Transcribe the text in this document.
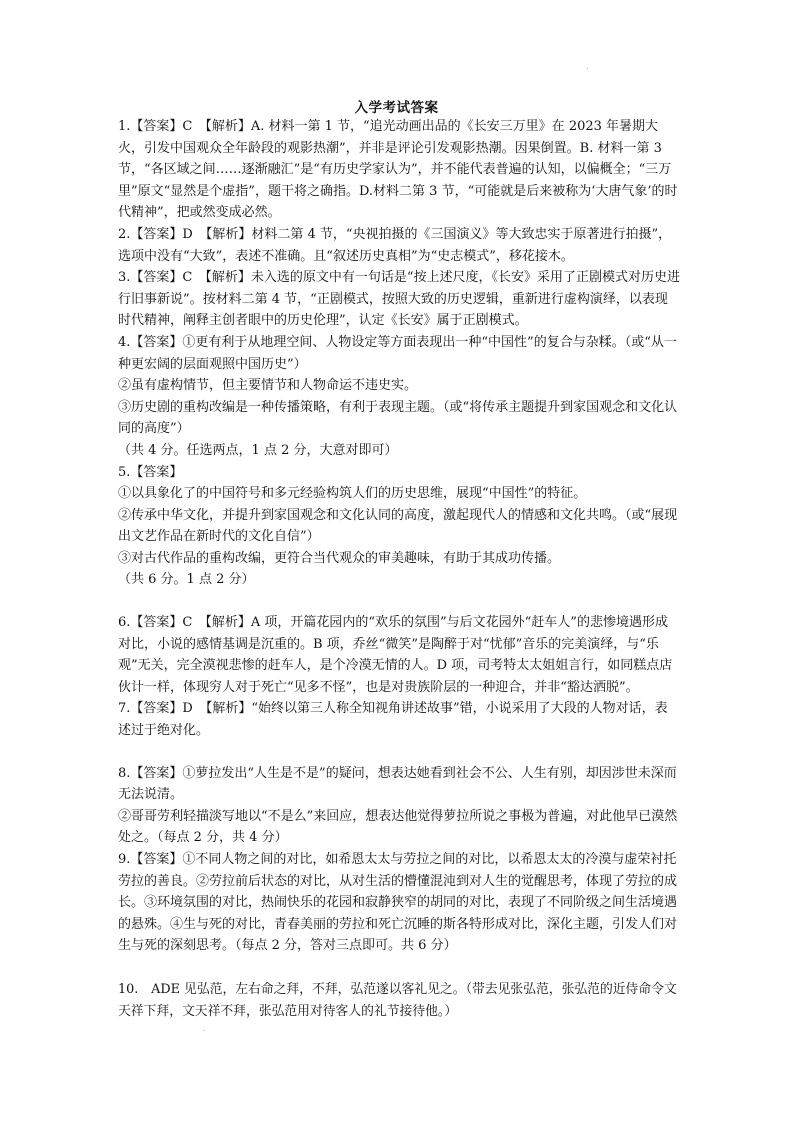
入学考试答案

1.【答案】C　【解析】A. 材料一第 1 节，“追光动画出品的《长安三万里》在 2023 年暑期大火，引发中国观众全年龄段的观影热潮”，并非是评论引发观影热潮。因果倒置。B. 材料一第 3 节，“各区域之间……逐渐融汇”是“有历史学家认为”，并不能代表普遍的认知，以偏概全；“三万里”原文“显然是个虚指”，题干将之确指。D.材料二第 3 节，“可能就是后来被称为‘大唐气象’的时代精神”，把或然变成必然。

2.【答案】D　【解析】材料二第 4 节，“央视拍摄的《三国演义》等大致忠实于原著进行拍摄”，选项中没有“大致”，表述不准确。且“叙述历史真相”为“史志模式”，移花接木。

3.【答案】C　【解析】未入选的原文中有一句话是“按上述尺度，《长安》采用了正剧模式对历史进行旧事新说”。按材料二第 4 节，“正剧模式，按照大致的历史逻辑，重新进行虚构演绎，以表现时代精神，阐释主创者眼中的历史伦理”，认定《长安》属于正剧模式。

4.【答案】①更有利于从地理空间、人物设定等方面表现出一种“中国性”的复合与杂糅。（或“从一种更宏阔的层面观照中国历史”）

②虽有虚构情节，但主要情节和人物命运不违史实。

③历史剧的重构改编是一种传播策略，有利于表现主题。（或“将传承主题提升到家国观念和文化认同的高度”）

（共 4 分。任选两点，1 点 2 分，大意对即可）

5.【答案】

①以具象化了的中国符号和多元经验构筑人们的历史思维，展现“中国性”的特征。

②传承中华文化，并提升到家国观念和文化认同的高度，激起现代人的情感和文化共鸣。（或“展现出文艺作品在新时代的文化自信”）

③对古代作品的重构改编，更符合当代观众的审美趣味，有助于其成功传播。

（共 6 分。1 点 2 分）

6.【答案】C　【解析】A 项，开篇花园内的“欢乐的氛围”与后文花园外“赶车人”的悲惨境遇形成对比，小说的感情基调是沉重的。B 项，乔丝“微笑”是陶醉于对“忧郁”音乐的完美演绎，与“乐观”无关，完全漠视悲惨的赶车人，是个冷漠无情的人。D 项，司考特太太姐姐言行，如同糕点店伙计一样，体现穷人对于死亡“见多不怪”，也是对贵族阶层的一种迎合，并非“豁达洒脱”。

7.【答案】D　【解析】“始终以第三人称全知视角讲述故事”错，小说采用了大段的人物对话，表述过于绝对化。

8.【答案】①萝拉发出“人生是不是”的疑问，想表达她看到社会不公、人生有别，却因涉世未深而无法说清。

②哥哥劳利轻描淡写地以“不是么”来回应，想表达他觉得萝拉所说之事极为普遍，对此他早已漠然处之。（每点 2 分，共 4 分）

9.【答案】①不同人物之间的对比，如希恩太太与劳拉之间的对比，以希恩太太的冷漠与虚荣衬托劳拉的善良。②劳拉前后状态的对比，从对生活的懵懂混沌到对人生的觉醒思考，体现了劳拉的成长。③环境氛围的对比，热闹快乐的花园和寂静狭窄的胡同的对比，表现了不同阶级之间生活境遇的悬殊。④生与死的对比，青春美丽的劳拉和死亡沉睡的斯各特形成对比，深化主题，引发人们对生与死的深刻思考。（每点 2 分，答对三点即可。共 6 分）

10.　ADE 见弘范，左右命之拜，不拜，弘范遂以客礼见之。（带去见张弘范，张弘范的近侍命令文天祥下拜，文天祥不拜，张弘范用对待客人的礼节接待他。）

.
.
